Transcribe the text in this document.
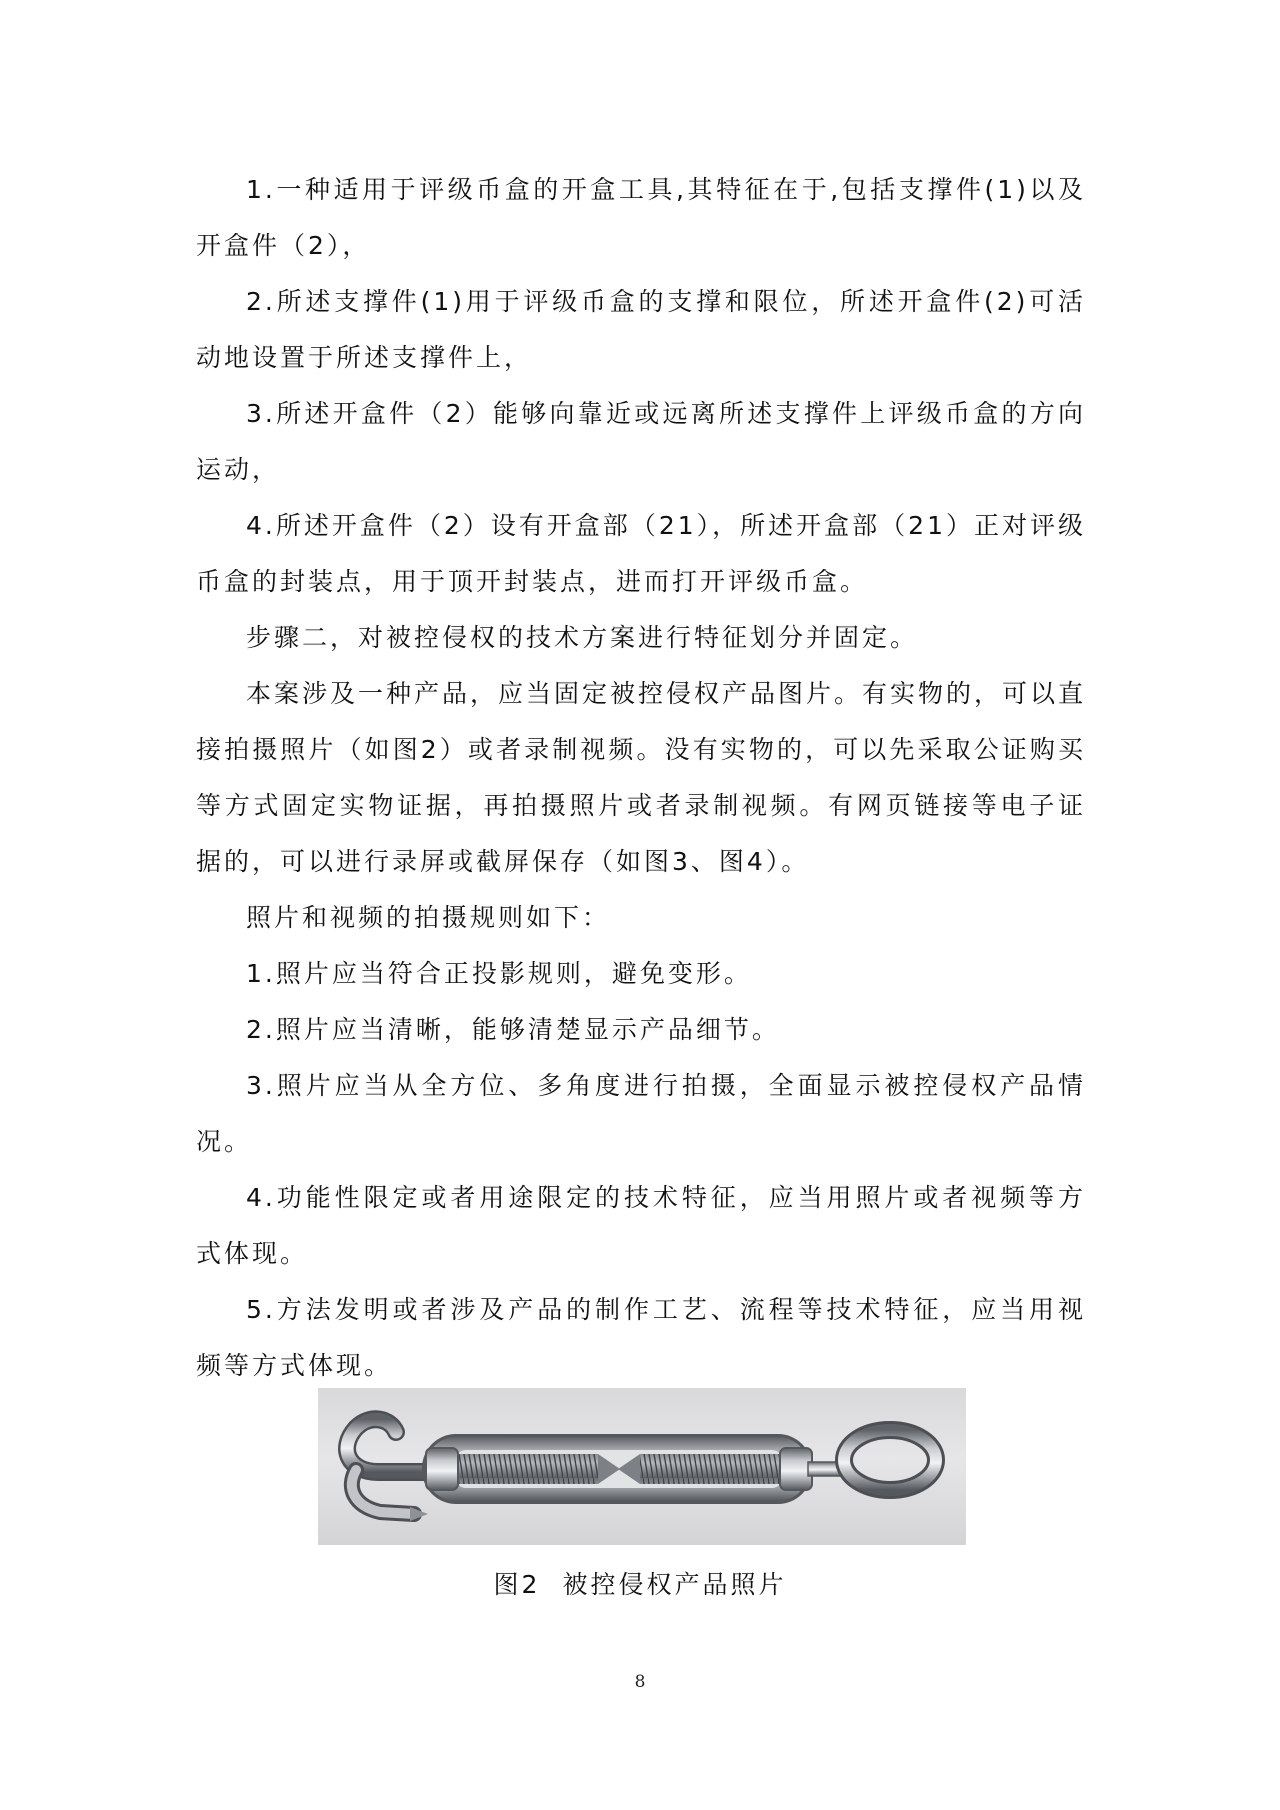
1.一种适用于评级币盒的开盒工具,其特征在于,包括支撑件(1)以及开盒件（2），

2.所述支撑件(1)用于评级币盒的支撑和限位，所述开盒件(2)可活动地设置于所述支撑件上，

3.所述开盒件（2）能够向靠近或远离所述支撑件上评级币盒的方向运动，

4.所述开盒件（2）设有开盒部（21），所述开盒部（21）正对评级币盒的封装点，用于顶开封装点，进而打开评级币盒。

步骤二，对被控侵权的技术方案进行特征划分并固定。

本案涉及一种产品，应当固定被控侵权产品图片。有实物的，可以直接拍摄照片（如图2）或者录制视频。没有实物的，可以先采取公证购买等方式固定实物证据，再拍摄照片或者录制视频。有网页链接等电子证据的，可以进行录屏或截屏保存（如图3、图4）。

照片和视频的拍摄规则如下：

1.照片应当符合正投影规则，避免变形。

2.照片应当清晰，能够清楚显示产品细节。

3.照片应当从全方位、多角度进行拍摄，全面显示被控侵权产品情况。

4.功能性限定或者用途限定的技术特征，应当用照片或者视频等方式体现。

5.方法发明或者涉及产品的制作工艺、流程等技术特征，应当用视频等方式体现。

图2 被控侵权产品照片
8
